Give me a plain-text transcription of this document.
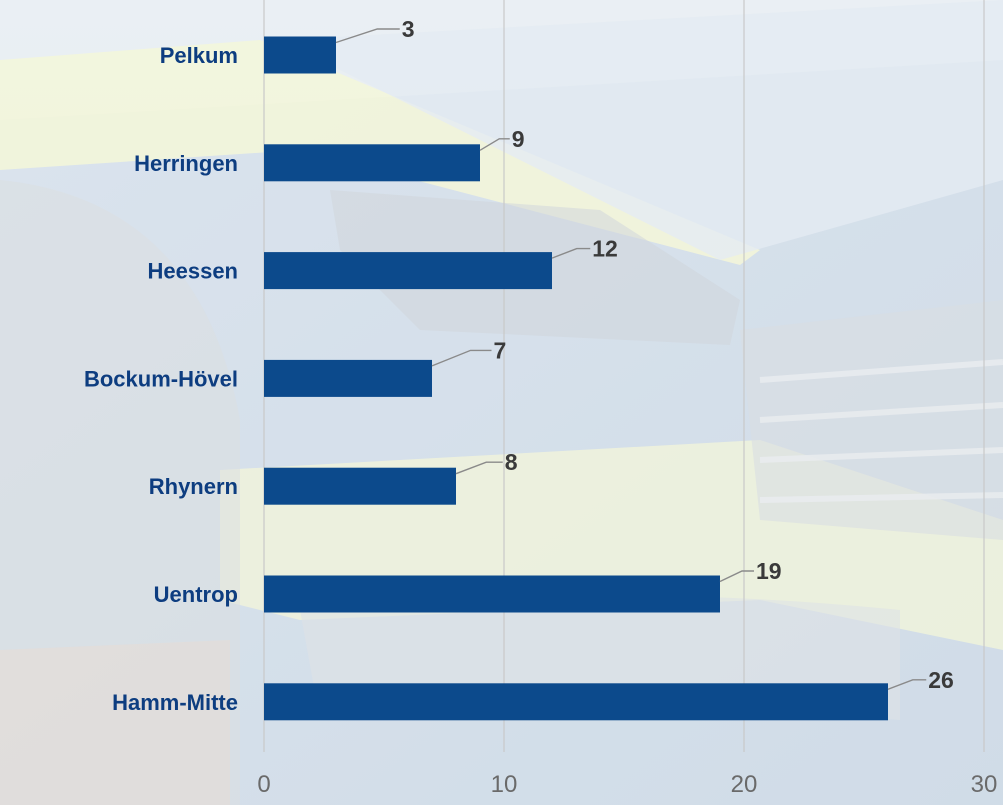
Pelkum
3
Herringen
9
Heessen
12
Bockum-Hövel
7
Rhynern
8
Uentrop
19
Hamm-Mitte
26
0	10	20	30
